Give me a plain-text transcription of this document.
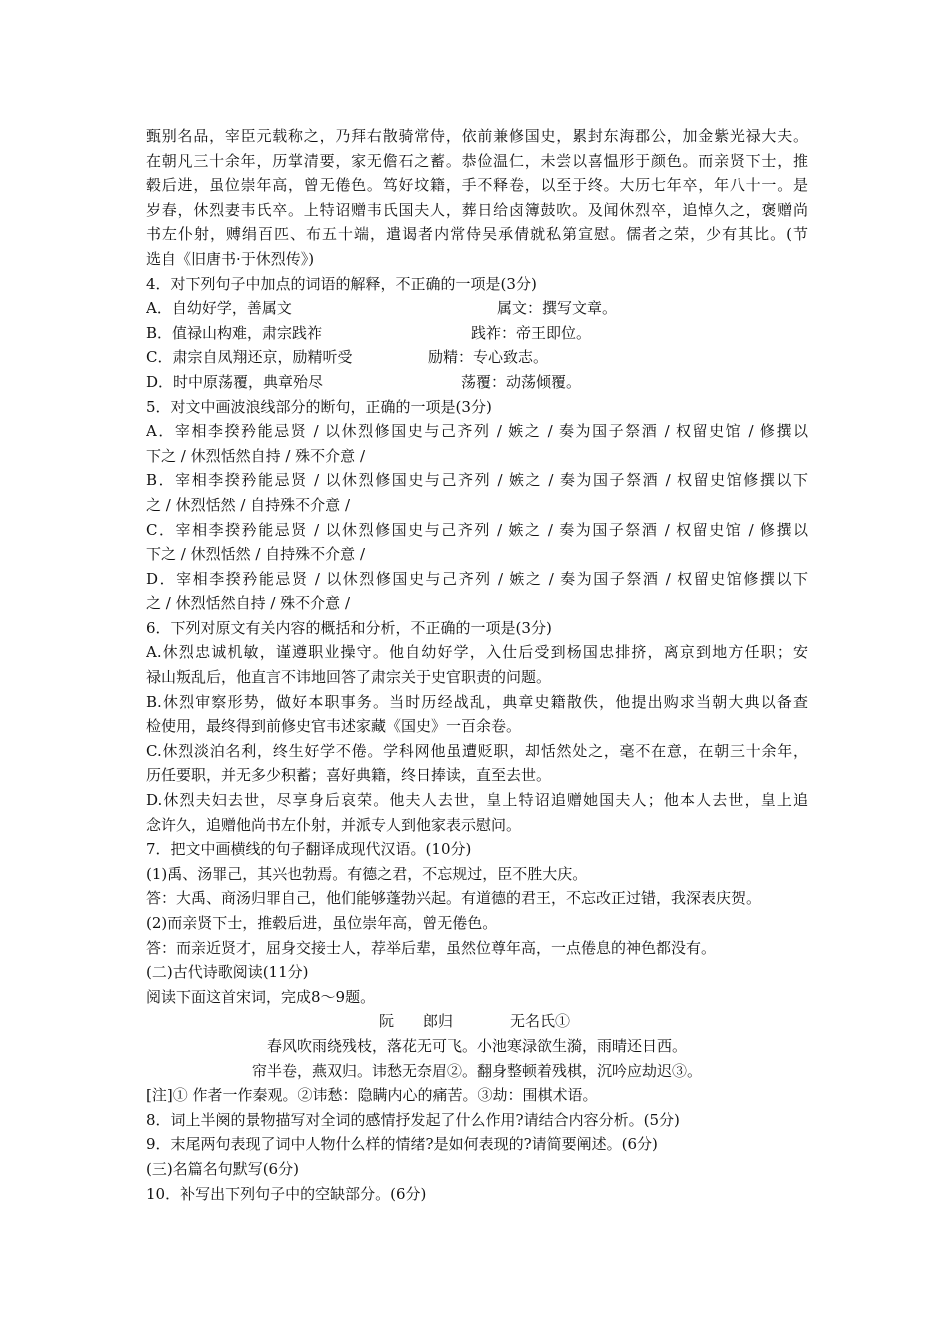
甄别名品，宰臣元载称之，乃拜右散骑常侍，依前兼修国史，累封东海郡公，加金紫光禄大夫。
在朝凡三十余年，历掌清要，家无儋石之蓄。恭俭温仁，未尝以喜愠形于颜色。而亲贤下士，推
毂后进，虽位崇年高，曾无倦色。笃好坟籍，手不释卷，以至于终。大历七年卒，年八十一。是
岁春，休烈妻韦氏卒。上特诏赠韦氏国夫人，葬日给卤簿鼓吹。及闻休烈卒，追悼久之，褒赠尚
书左仆射，赙绢百匹、布五十端，遣谒者内常侍吴承倩就私第宣慰。儒者之荣，少有其比。(节
选自《旧唐书·于休烈传》)
4．对下列句子中加点的词语的解释，不正确的一项是(3分)
A．自幼好学，善属文	属文：撰写文章。
B．值禄山构难，肃宗践祚	践祚：帝王即位。
C．肃宗自凤翔还京，励精听受	励精：专心致志。
D．时中原荡覆，典章殆尽	荡覆：动荡倾覆。
5．对文中画波浪线部分的断句，正确的一项是(3分)
A．宰相李揆矜能忌贤 / 以休烈修国史与己齐列 / 嫉之 / 奏为国子祭酒 / 权留史馆 / 修撰以
下之 / 休烈恬然自持 / 殊不介意 /
B．宰相李揆矜能忌贤 / 以休烈修国史与己齐列 / 嫉之 / 奏为国子祭酒 / 权留史馆修撰以下
之 / 休烈恬然 / 自持殊不介意 /
C．宰相李揆矜能忌贤 / 以休烈修国史与己齐列 / 嫉之 / 奏为国子祭酒 / 权留史馆 / 修撰以
下之 / 休烈恬然 / 自持殊不介意 /
D．宰相李揆矜能忌贤 / 以休烈修国史与己齐列 / 嫉之 / 奏为国子祭酒 / 权留史馆修撰以下
之 / 休烈恬然自持 / 殊不介意 /
6．下列对原文有关内容的概括和分析，不正确的一项是(3分)
A.休烈忠诚机敏，谨遵职业操守。他自幼好学，入仕后受到杨国忠排挤，离京到地方任职；安
禄山叛乱后，他直言不讳地回答了肃宗关于史官职责的问题。
B.休烈审察形势，做好本职事务。当时历经战乱，典章史籍散佚，他提出购求当朝大典以备查
检使用，最终得到前修史官韦述家藏《国史》一百余卷。
C.休烈淡泊名利，终生好学不倦。学科网他虽遭贬职，却恬然处之，毫不在意，在朝三十余年，
历任要职，并无多少积蓄；喜好典籍，终日捧读，直至去世。
D.休烈夫妇去世，尽享身后哀荣。他夫人去世，皇上特诏追赠她国夫人；他本人去世，皇上追
念许久，追赠他尚书左仆射，并派专人到他家表示慰问。
7．把文中画横线的句子翻译成现代汉语。(10分)
(1)禹、汤罪己，其兴也勃焉。有德之君，不忘规过，臣不胜大庆。
答：大禹、商汤归罪自己，他们能够蓬勃兴起。有道德的君王，不忘改正过错，我深表庆贺。
(2)而亲贤下士，推毂后进，虽位崇年高，曾无倦色。
答：而亲近贤才，屈身交接士人，荐举后辈，虽然位尊年高，一点倦息的神色都没有。
(二)古代诗歌阅读(11分)
阅读下面这首宋词，完成8～9题。
阮 郎归	无名氏①
春风吹雨绕残枝，落花无可飞。小池寒渌欲生漪，雨晴还日西。
帘半卷，燕双归。讳愁无奈眉②。翻身整顿着残棋，沉吟应劫迟③。
[注]① 作者一作秦观。②讳愁：隐瞒内心的痛苦。③劫：围棋术语。
8．词上半阕的景物描写对全词的感情抒发起了什么作用?请结合内容分析。(5分)
9．末尾两句表现了词中人物什么样的情绪?是如何表现的?请简要阐述。(6分)
(三)名篇名句默写(6分)
10．补写出下列句子中的空缺部分。(6分)
